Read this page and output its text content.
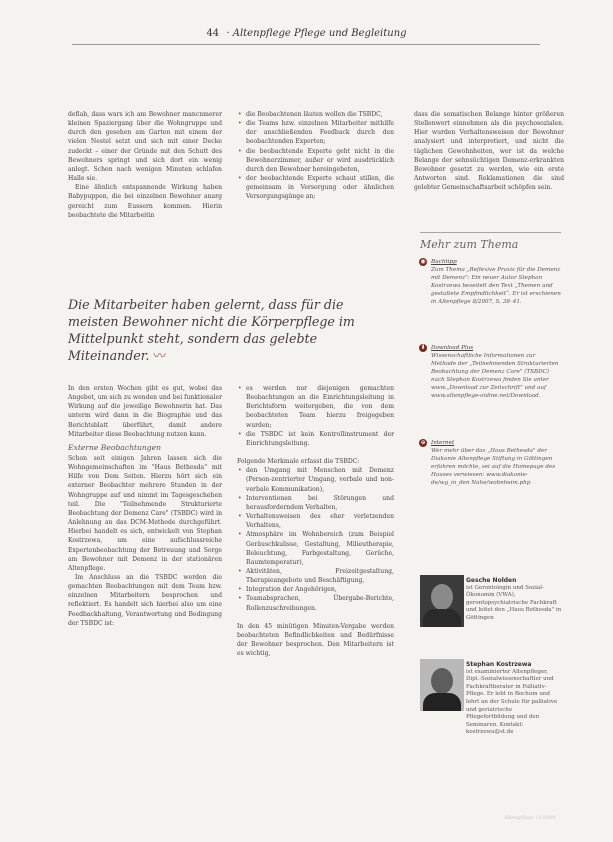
44 · Altenpflege Pflege und Begleitung

deflab, dass wars ich am Bewohner mancnmerer kleinen Spaziergang über die Wohngruppe und durch den gesehen am Garten mit einem der vielen Nestel setzt und sich mit einer Decke zudeckt – einer der Gründe mit den Schutt des Bewohners springt und sich dort ein wenig anlegt. Schon nach wenigen Minuten schlafen Halle sie.

Eine ähnlich entspannende Wirkung haben Babypuppen, die bei einzelnen Bewohner anarg gereicht zum Eussern kommen. Hierin beobachtete die Mitarbeitin

• die Beobachtenen läuten wollen die TSBDC,
• die Teams bzw. einzelnen Mitarbeiter mithilfe der anschließenden Feedback durch den beobachtenden Experten;
• die beobachtende Experte geht nicht in die Bewohnerzimmer, außer er wird ausdrücklich durch den Bewohner hereingebeten,
• der beobachtende Experte schaut stillen, die gemeinsam in Versorgung oder ähnlichen Versorgungsgänge an;

dass die somatischen Belange hinter größeren Stellenwert einnehmen als die psychosozialen. Hier wurden Verhaltensweisen der Bewohner analysiert und interpretiert, und nicht die täglichen Gewohnheiten, wer ist da welche Belange der sehnsüchtigen Demenz-erkrankten Bewohner gesetzt zu werden, wie ein erste Antworten sind. Reklamationen die sind gelebter Gemeinschaftsarbeit schöpfen sein.

Mehr zum Thema
◉ Buchtipp
Zum Thema „Reflexive Praxis für die Demenz mit Demenz": Ein neuer Autor Stephan Kostrzewa beseitelt den Text „Themen und gestaltete Empfindlichkeit“. Er ist erschienen in Altenpflege 8/2007, S. 38–41.
⬇ Download Plus
Wissenschaftliche Informationen zur Methode der „Teilnehmenden Strukturierten Beobachtung der Demenz Care" (TSBDC) nach Stephan Kostrzewa finden Sie unter www.„Download zur Zeitschrift" und auf www.altenpflege-online.net/Download.
⊕ Internet
Wer mehr über das „Haus Bethesda" der Diakonie Altenpflege Stiftung in Göttingen erfahren möchte, sei auf die Homepage des Hauses verwiesen: www.diakonie-de/wg_in_den Nahe/wohnheim.php

Die Mitarbeiter haben gelernt, dass für die meisten Bewohner nicht die Körperpflege im Mittelpunkt steht, sondern das gelebte Miteinander. 〰

In den ersten Wochen gibt es gut, wobei das Angebot, um sich zu wenden und bei funktionaler Wirkung auf die jeweilige Bewohnerin hat. Das unterm wird dann in die Biographie und das Berichtsblatt überführt, damit andere Mitarbeiter diese Beobachtung nutzen kann.

Externe Beobachtungen

Schon seit einigen Jahren lassen sich die Wohngemeinschaften im "Haus Bethesda" mit Hilfe von Dem Seiten. Hierzu hört sich ein externer Beobachter mehrere Stunden in der Wohngruppe auf und nimmt im Tagesgeschehen teil. Die "Teilnehmende Strukturierte Beobachtung der Demenz Care" (TSBDC) wird in Anlehnung an das DCM-Methode durchgeführt. Hierbei handelt es sich, entwickelt von Stephan Kostrzewa, um eine aufschlussreiche Expertenbeobachtung der Betreuung und Sorge am Bewohner mit Demenz in der stationären Altenpflege.

Im Anschluss an die TSBDC werden die gemachten Beobachtungen mit dem Team bzw. einzelnen Mitarbeitern besprochen und reflektiert. Es handelt sich hierbei also um eine Feedbackhaltung, Verantwortung und Bedingung der TSBDC ist:

• es werden nur diejenigen gemachten Beobachtungen an die Einrichtungsleitung in Berichtsform weitergeben, die von dem beobachteten Team hierzu freigegeben wurden;
• die TSBDC ist kein Kontrollinstrument der Einrichtungsleitung.

Folgende Merkmale erfasst die TSBDC:

• den Umgang mit Menschen mit Demenz (Person-zentrierter Umgang, verbale und non-verbale Kommunikation),
• Interventionen bei Störungen und herausforderndem Verhalten,
• Verhaltensweisen des eher verletzenden Verhaltens,
• Atmosphäre im Wohnbereich (zum Beispiel Geräuschkulisse, Gestaltung, Milieutherapie, Beleuchtung, Farbgestaltung, Gerüche, Raumtemperatur),
• Aktivitäten, Freizeitgestaltung, Therapieangebote und Beschäftigung,
• Integration der Angehörigen,
• Teamabsprachen, Übergabe-Berichte, Rollenzuschreibungen.

In den 45 minütigen Minuten-Vergabe werden beobachteten Befindlichkeiten und Bedürfnisse der Bewohner besprochen. Den Mitarbeitern ist es wichtig,

Gesche Nolden
ist Gerontologin und Sozial-Ökonomin (VWA), gerontopsychiatrische Fachkraft und leitet den „Haus Bethesda" in Göttingen
Stephan Kostrzewa
ist examinierter Altenpfleger, Dipl.-Sozialwissenschaftler und Fachkraftberater in Palliativ-Pflege. Er lebt in Bochum und lehrt an der Schule für palliative und geriatrische Pflegefortbildung und den Seminaren. Kontakt: kostrzewa@st.de
Altenpflege 11/2009
